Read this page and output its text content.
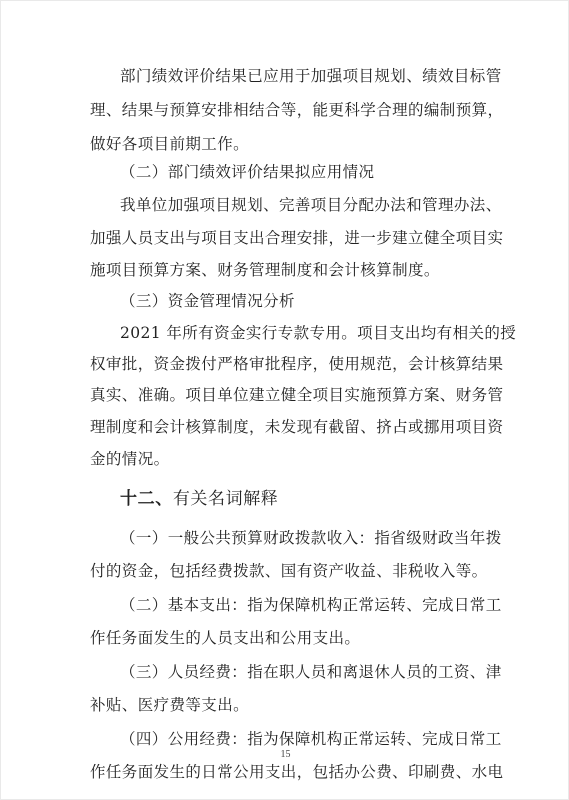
部门绩效评价结果已应用于加强项目规划、绩效目标管
理、结果与预算安排相结合等，能更科学合理的编制预算，
做好各项目前期工作。
（二）部门绩效评价结果拟应用情况
我单位加强项目规划、完善项目分配办法和管理办法、
加强人员支出与项目支出合理安排，进一步建立健全项目实
施项目预算方案、财务管理制度和会计核算制度。
（三）资金管理情况分析
2021 年所有资金实行专款专用。项目支出均有相关的授
权审批，资金拨付严格审批程序，使用规范，会计核算结果
真实、准确。项目单位建立健全项目实施预算方案、财务管
理制度和会计核算制度，未发现有截留、挤占或挪用项目资
金的情况。
十二、有关名词解释
（一）一般公共预算财政拨款收入：指省级财政当年拨
付的资金，包括经费拨款、国有资产收益、非税收入等。
（二）基本支出：指为保障机构正常运转、完成日常工
作任务面发生的人员支出和公用支出。
（三）人员经费：指在职人员和离退休人员的工资、津
补贴、医疗费等支出。
（四）公用经费：指为保障机构正常运转、完成日常工
作任务面发生的日常公用支出，包括办公费、印刷费、水电
15
